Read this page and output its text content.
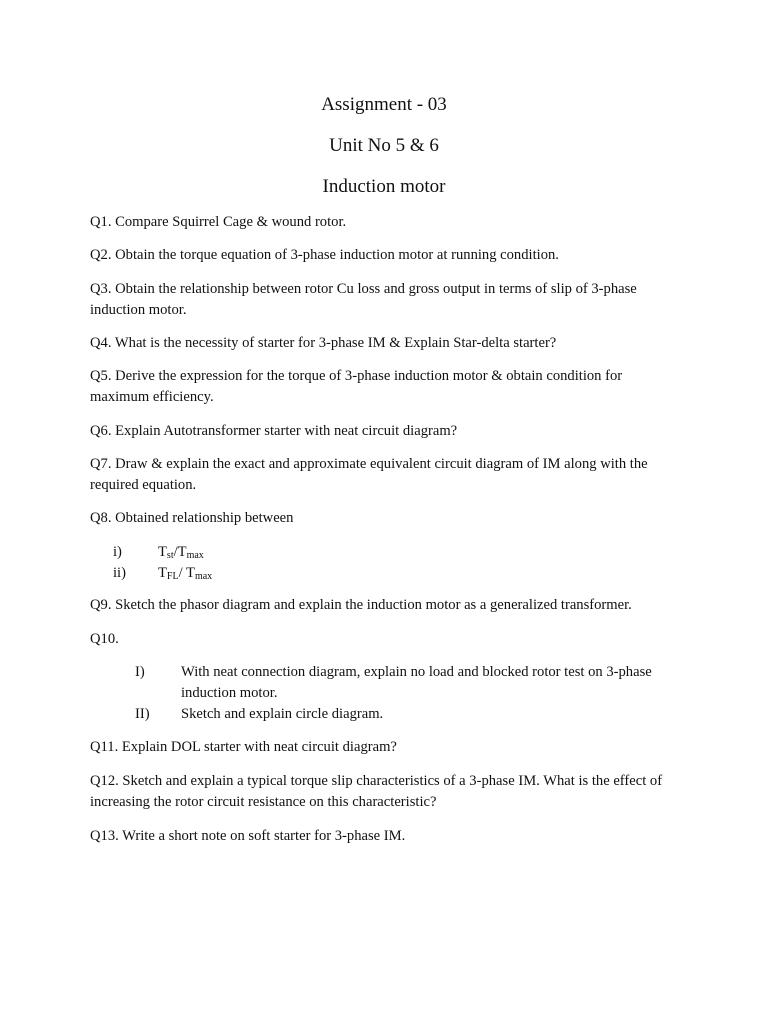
Assignment - 03
Unit No 5 & 6
Induction motor
Q1. Compare Squirrel Cage & wound rotor.
Q2. Obtain the torque equation of 3-phase induction motor at running condition.
Q3. Obtain the relationship between rotor Cu loss and gross output in terms of slip of 3-phase induction motor.
Q4. What is the necessity of starter for 3-phase IM & Explain Star-delta starter?
Q5. Derive the expression for the torque of 3-phase induction motor & obtain condition for maximum efficiency.
Q6. Explain Autotransformer starter with neat circuit diagram?
Q7. Draw & explain the exact and approximate equivalent circuit diagram of IM along with the required equation.
Q8. Obtained relationship between
i) $T_{st}/T_{max}$
ii) $T_{FL}/$ $T_{max}$
Q9. Sketch the phasor diagram and explain the induction motor as a generalized transformer.
Q10.
I) With neat connection diagram, explain no load and blocked rotor test on 3-phase induction motor.
II) Sketch and explain circle diagram.
Q11. Explain DOL starter with neat circuit diagram?
Q12. Sketch and explain a typical torque slip characteristics of a 3-phase IM. What is the effect of increasing the rotor circuit resistance on this characteristic?
Q13. Write a short note on soft starter for 3-phase IM.
